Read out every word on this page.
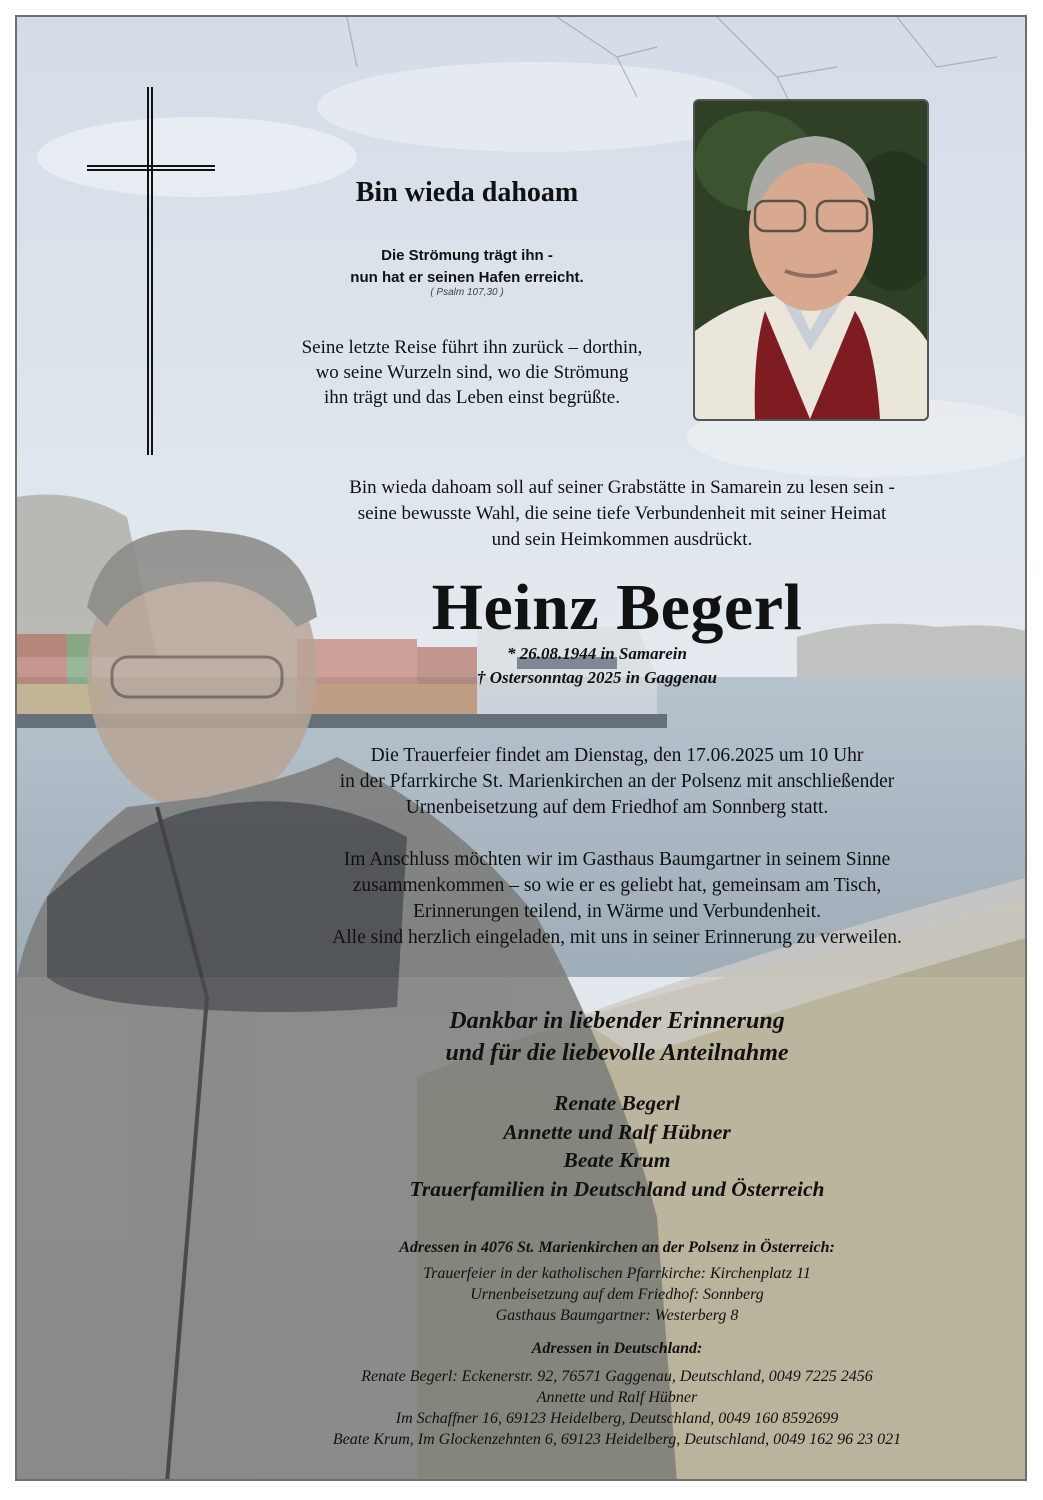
Bin wieda dahoam
Die Strömung trägt ihn -
nun hat er seinen Hafen erreicht.
( Psalm 107,30 )
Seine letzte Reise führt ihn zurück – dorthin,
wo seine Wurzeln sind, wo die Strömung
ihn trägt und das Leben einst begrüßte.
Bin wieda dahoam soll auf seiner Grabstätte in Samarein zu lesen sein -
seine bewusste Wahl, die seine tiefe Verbundenheit mit seiner Heimat
und sein Heimkommen ausdrückt.
Heinz Begerl
* 26.08.1944 in Samarein
† Ostersonntag 2025 in Gaggenau
Die Trauerfeier findet am Dienstag, den 17.06.2025 um 10 Uhr
in der Pfarrkirche St. Marienkirchen an der Polsenz mit anschließender
Urnenbeisetzung auf dem Friedhof am Sonnberg statt.
Im Anschluss möchten wir im Gasthaus Baumgartner in seinem Sinne
zusammenkommen – so wie er es geliebt hat, gemeinsam am Tisch,
Erinnerungen teilend, in Wärme und Verbundenheit.
Alle sind herzlich eingeladen, mit uns in seiner Erinnerung zu verweilen.
Dankbar in liebender Erinnerung
und für die liebevolle Anteilnahme
Renate Begerl
Annette und Ralf Hübner
Beate Krum
Trauerfamilien in Deutschland und Österreich
Adressen in 4076 St. Marienkirchen an der Polsenz in Österreich:
Trauerfeier in der katholischen Pfarrkirche: Kirchenplatz 11
Urnenbeisetzung auf dem Friedhof: Sonnberg
Gasthaus Baumgartner: Westerberg 8
Adressen in Deutschland:
Renate Begerl: Eckenerstr. 92, 76571 Gaggenau, Deutschland, 0049 7225 2456
Annette und Ralf Hübner
Im Schaffner 16, 69123 Heidelberg, Deutschland, 0049 160 8592699
Beate Krum, Im Glockenzehnten 6, 69123 Heidelberg, Deutschland, 0049 162 96 23 021
